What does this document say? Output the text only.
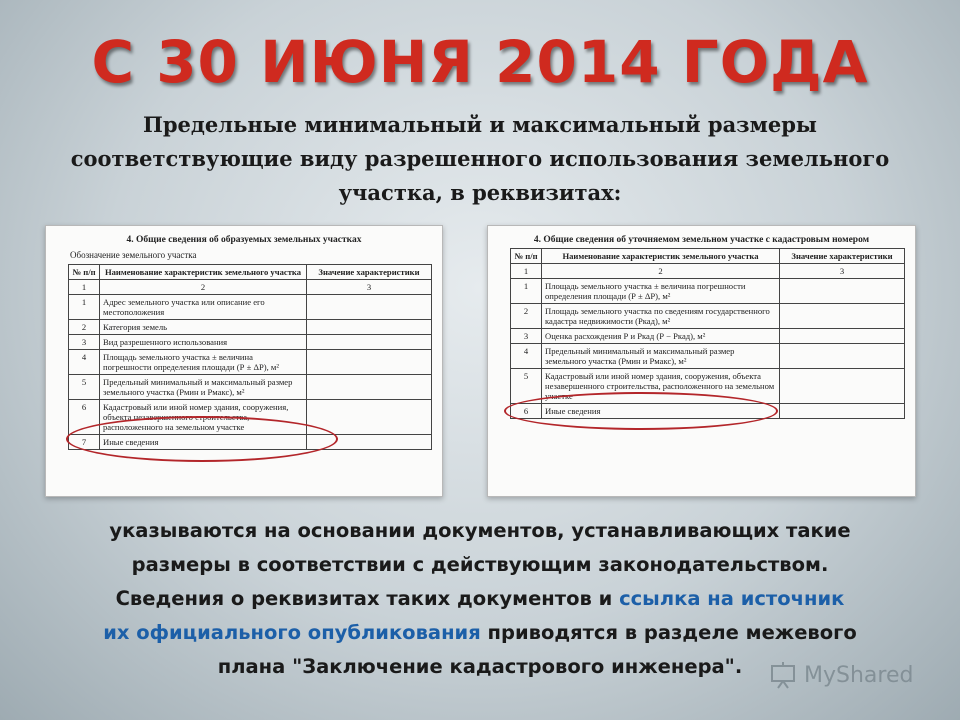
С 30 ИЮНЯ 2014 ГОДА
Предельные минимальный и максимальный размеры
соответствующие виду разрешенного использования земельного
участка, в реквизитах:
4. Общие сведения об образуемых земельных участках
Обозначение земельного участка
№ п/п	Наименование характеристик земельного участка	Значение характеристики
1	2	3
1	Адрес земельного участка или описание его местоположения	
2	Категория земель	
3	Вид разрешенного использования	
4	Площадь земельного участка ± величина погрешности определения площади (Р ± ΔР), м²	
5	Предельный минимальный и максимальный размер земельного участка (Рмин и Рмакс), м²	
6	Кадастровый или иной номер здания, сооружения, объекта незавершенного строительства, расположенного на земельном участке	
7	Иные сведения	
4. Общие сведения об уточняемом земельном участке с кадастровым номером
№ п/п	Наименование характеристик земельного участка	Значение характеристики
1	2	3
1	Площадь земельного участка ± величина погрешности определения площади (Р ± ΔР), м²	
2	Площадь земельного участка по сведениям государственного кадастра недвижимости (Ркад), м²	
3	Оценка расхождения Р и Ркад (Р − Ркад), м²	
4	Предельный минимальный и максимальный размер земельного участка (Рмин и Рмакс), м²	
5	Кадастровый или иной номер здания, сооружения, объекта незавершенного строительства, расположенного на земельном участке	
6	Иные сведения	
указываются на основании документов, устанавливающих такие
размеры в соответствии с действующим законодательством.
Сведения о реквизитах таких документов и ссылка на источник
их официального опубликования приводятся в разделе межевого
плана "Заключение кадастрового инженера".	MyShared
